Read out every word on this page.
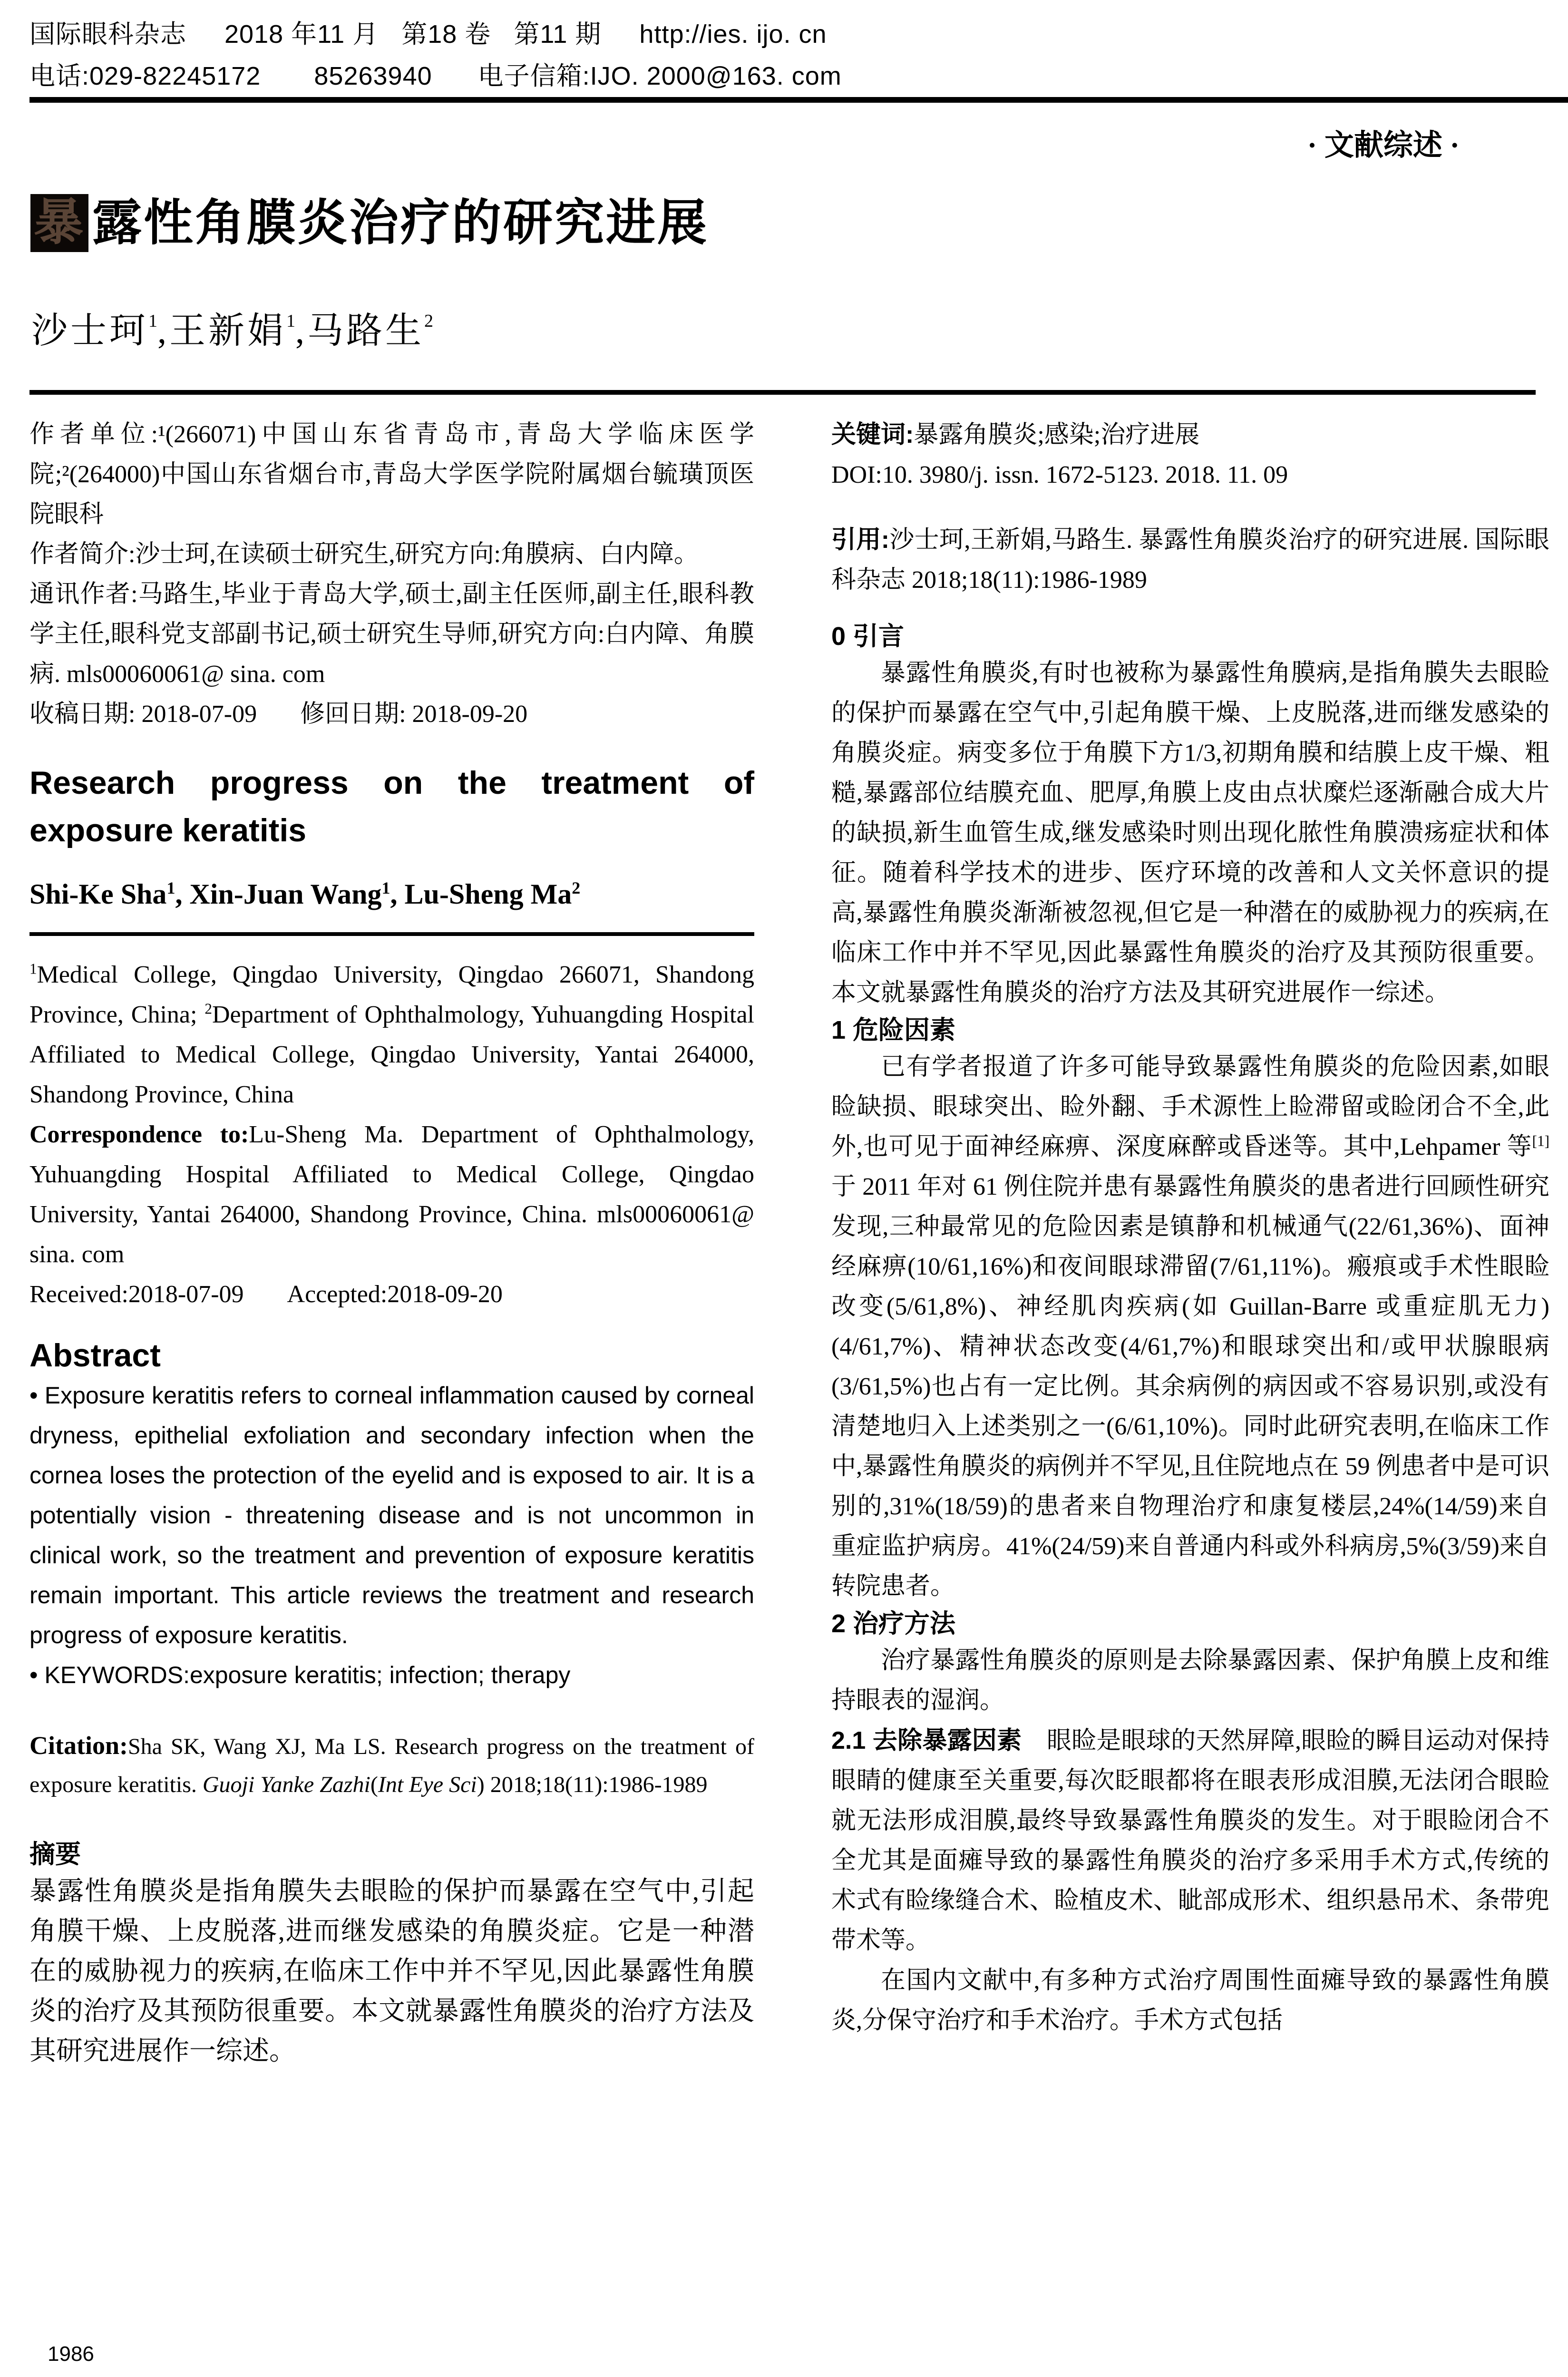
国际眼科杂志 2018 年11 月 第18 卷 第11 期 http://ies. ijo. cn
电话:029-82245172 85263940 电子信箱:IJO. 2000@163. com
· 文献综述 ·
暴 露性角膜炎治疗的研究进展
沙士珂$^1$,王新娟$^1$,马路生$^2$

作者单位:¹(266071)中国山东省青岛市,青岛大学临床医学院;²(264000)中国山东省烟台市,青岛大学医学院附属烟台毓璜顶医院眼科

作者简介:沙士珂,在读硕士研究生,研究方向:角膜病、白内障。

通讯作者:马路生,毕业于青岛大学,硕士,副主任医师,副主任,眼科教学主任,眼科党支部副书记,硕士研究生导师,研究方向:白内障、角膜病. mls00060061@ sina. com

收稿日期: 2018-07-09 修回日期: 2018-09-20

Research progress on the treatment of exposure keratitis

Shi-Ke Sha$^1$, Xin-Juan Wang$^1$, Lu-Sheng Ma$^2$

$^1$Medical College, Qingdao University, Qingdao 266071, Shandong Province, China; $^2$Department of Ophthalmology, Yuhuangding Hospital Affiliated to Medical College, Qingdao University, Yantai 264000, Shandong Province, China

Correspondence to:Lu-Sheng Ma. Department of Ophthalmology, Yuhuangding Hospital Affiliated to Medical College, Qingdao University, Yantai 264000, Shandong Province, China. mls00060061@ sina. com

Received:2018-07-09 Accepted:2018-09-20

Abstract

• Exposure keratitis refers to corneal inflammation caused by corneal dryness, epithelial exfoliation and secondary infection when the cornea loses the protection of the eyelid and is exposed to air. It is a potentially vision - threatening disease and is not uncommon in clinical work, so the treatment and prevention of exposure keratitis remain important. This article reviews the treatment and research progress of exposure keratitis.

• KEYWORDS:exposure keratitis; infection; therapy

Citation:Sha SK, Wang XJ, Ma LS. Research progress on the treatment of exposure keratitis. Guoji Yanke Zazhi(Int Eye Sci) 2018;18(11):1986-1989

摘要

暴露性角膜炎是指角膜失去眼睑的保护而暴露在空气中,引起角膜干燥、上皮脱落,进而继发感染的角膜炎症。它是一种潜在的威胁视力的疾病,在临床工作中并不罕见,因此暴露性角膜炎的治疗及其预防很重要。本文就暴露性角膜炎的治疗方法及其研究进展作一综述。

关键词:暴露角膜炎;感染;治疗进展

DOI:10. 3980/j. issn. 1672-5123. 2018. 11. 09

引用:沙士珂,王新娟,马路生. 暴露性角膜炎治疗的研究进展. 国际眼科杂志 2018;18(11):1986-1989

0 引言

暴露性角膜炎,有时也被称为暴露性角膜病,是指角膜失去眼睑的保护而暴露在空气中,引起角膜干燥、上皮脱落,进而继发感染的角膜炎症。病变多位于角膜下方1/3,初期角膜和结膜上皮干燥、粗糙,暴露部位结膜充血、肥厚,角膜上皮由点状糜烂逐渐融合成大片的缺损,新生血管生成,继发感染时则出现化脓性角膜溃疡症状和体征。随着科学技术的进步、医疗环境的改善和人文关怀意识的提高,暴露性角膜炎渐渐被忽视,但它是一种潜在的威胁视力的疾病,在临床工作中并不罕见,因此暴露性角膜炎的治疗及其预防很重要。本文就暴露性角膜炎的治疗方法及其研究进展作一综述。

1 危险因素

已有学者报道了许多可能导致暴露性角膜炎的危险因素,如眼睑缺损、眼球突出、睑外翻、手术源性上睑滞留或睑闭合不全,此外,也可见于面神经麻痹、深度麻醉或昏迷等。其中,Lehpamer 等[1]于 2011 年对 61 例住院并患有暴露性角膜炎的患者进行回顾性研究发现,三种最常见的危险因素是镇静和机械通气(22/61,36%)、面神经麻痹(10/61,16%)和夜间眼球滞留(7/61,11%)。瘢痕或手术性眼睑改变(5/61,8%)、神经肌肉疾病(如 Guillan-Barre 或重症肌无力)(4/61,7%)、精神状态改变(4/61,7%)和眼球突出和/或甲状腺眼病(3/61,5%)也占有一定比例。其余病例的病因或不容易识别,或没有清楚地归入上述类别之一(6/61,10%)。同时此研究表明,在临床工作中,暴露性角膜炎的病例并不罕见,且住院地点在 59 例患者中是可识别的,31%(18/59)的患者来自物理治疗和康复楼层,24%(14/59)来自重症监护病房。41%(24/59)来自普通内科或外科病房,5%(3/59)来自转院患者。

2 治疗方法

治疗暴露性角膜炎的原则是去除暴露因素、保护角膜上皮和维持眼表的湿润。

2.1 去除暴露因素 眼睑是眼球的天然屏障,眼睑的瞬目运动对保持眼睛的健康至关重要,每次眨眼都将在眼表形成泪膜,无法闭合眼睑就无法形成泪膜,最终导致暴露性角膜炎的发生。对于眼睑闭合不全尤其是面瘫导致的暴露性角膜炎的治疗多采用手术方式,传统的术式有睑缘缝合术、睑植皮术、眦部成形术、组织悬吊术、条带兜带术等。

在国内文献中,有多种方式治疗周围性面瘫导致的暴露性角膜炎,分保守治疗和手术治疗。手术方式包括

1986
